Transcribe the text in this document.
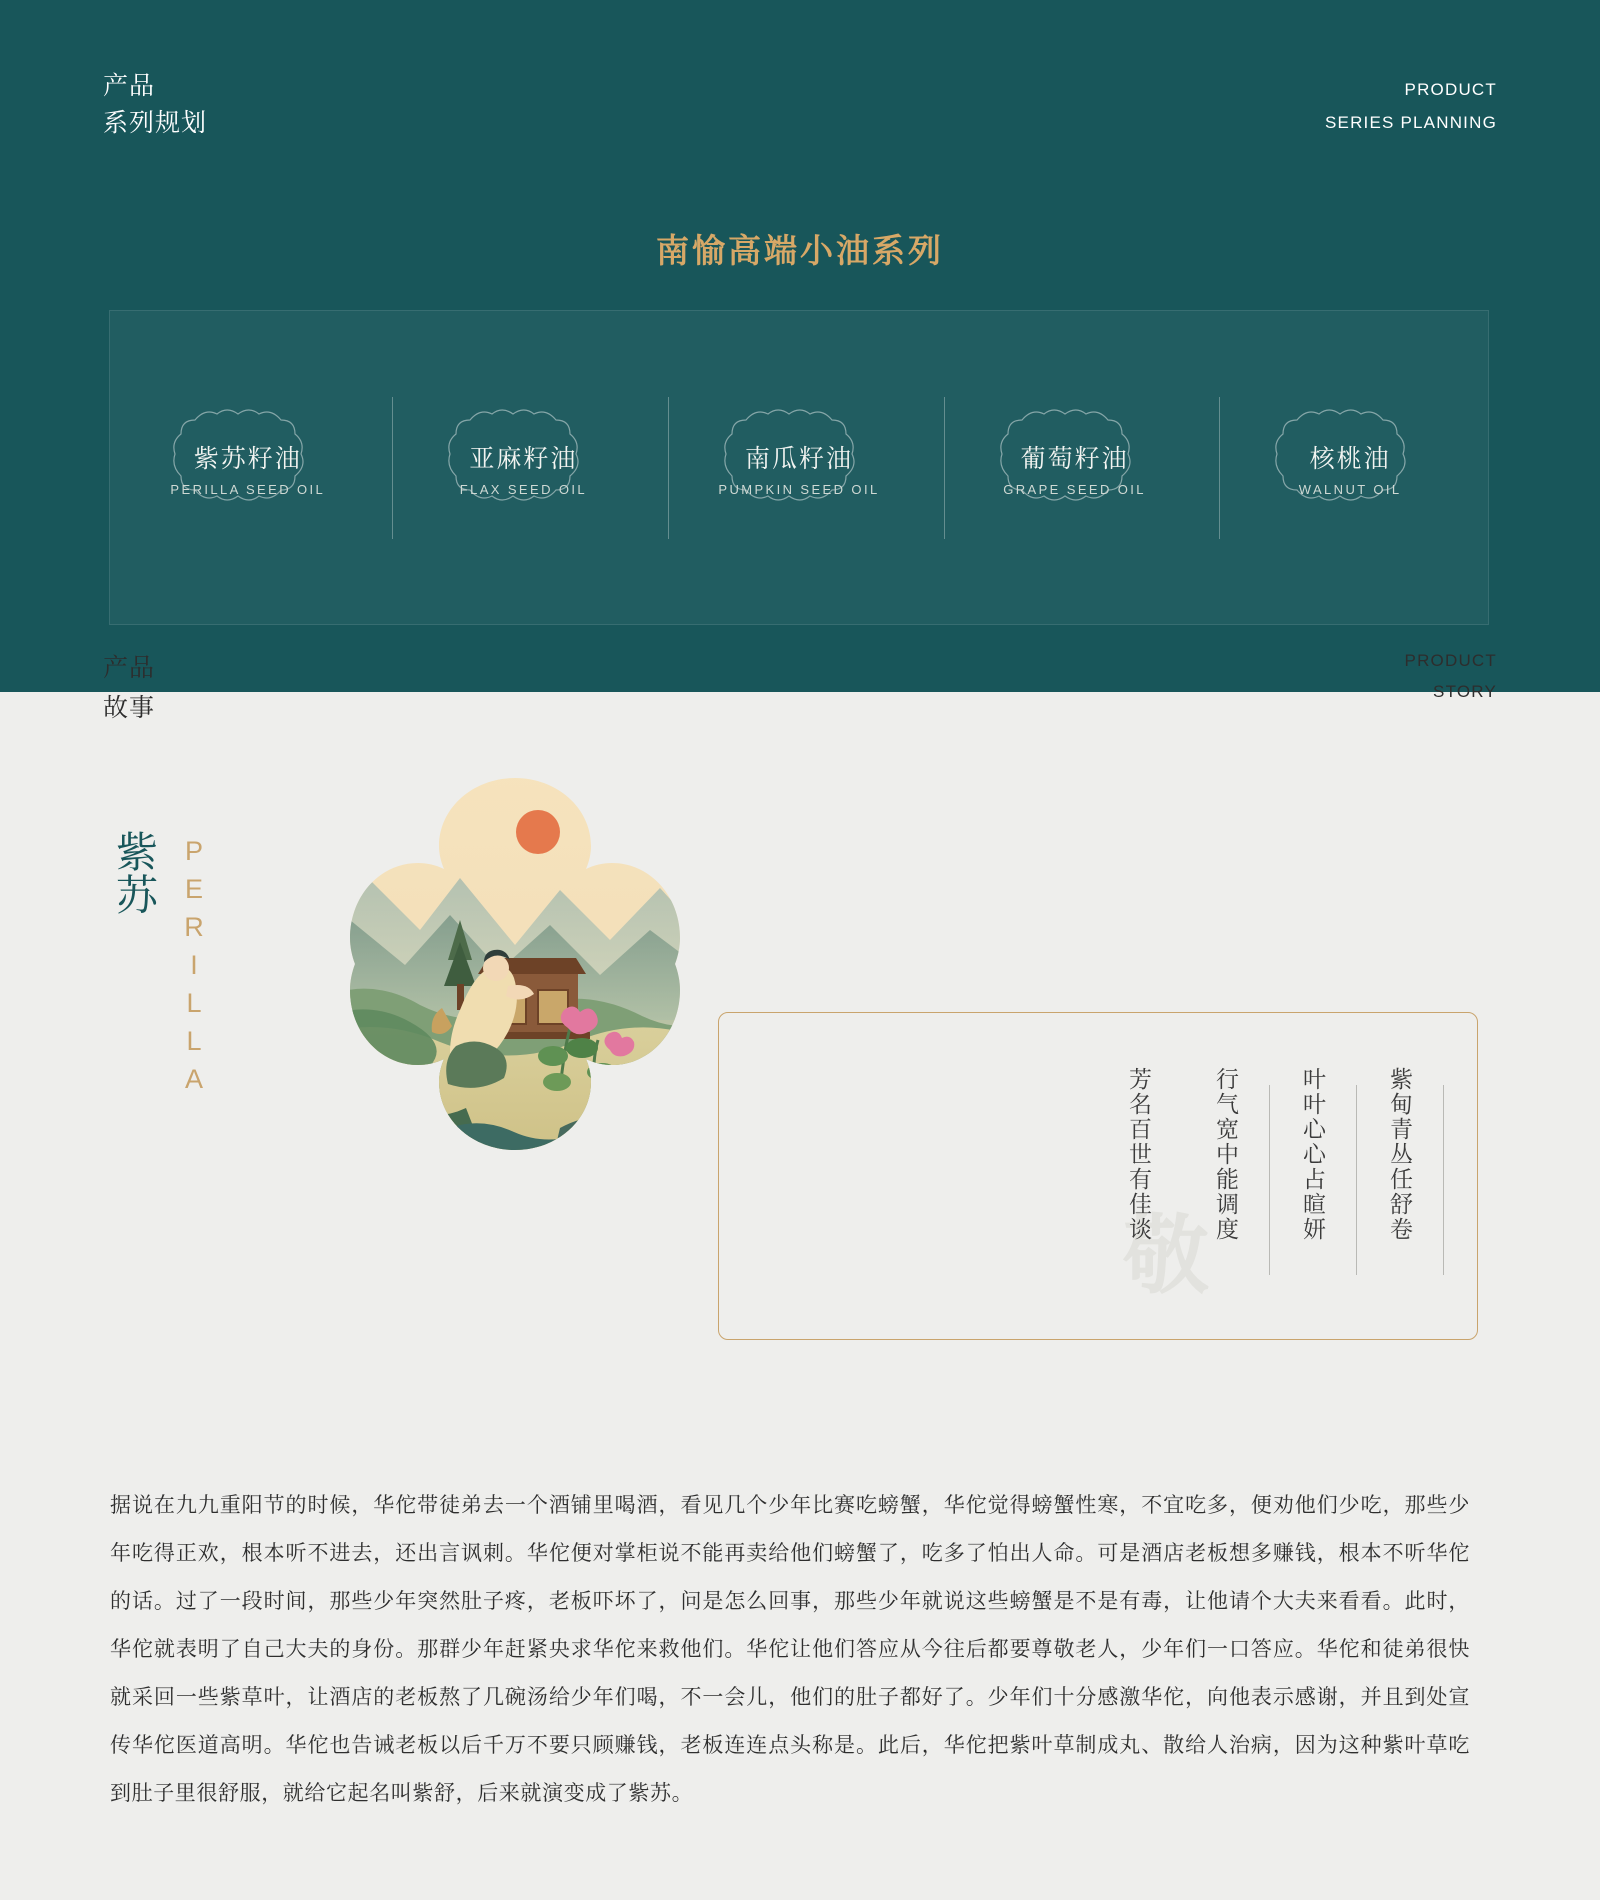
产品
系列规划
PRODUCT
SERIES PLANNING
南愉高端小油系列
紫苏籽油
PERILLA SEED OIL
亚麻籽油
FLAX SEED OIL
南瓜籽油
PUMPKIN SEED OIL
葡萄籽油
GRAPE SEED OIL
核桃油
WALNUT OIL
产品
故事
PRODUCT
STORY
紫苏 PERILLA
敬
芳名百世有佳谈	行气宽中能调度	叶叶心心占暄妍	紫甸青丛任舒卷

据说在九九重阳节的时候，华佗带徒弟去一个酒铺里喝酒，看见几个少年比赛吃螃蟹，华佗觉得螃蟹性寒，不宜吃多，便劝他们少吃，那些少年吃得正欢，根本听不进去，还出言讽刺。华佗便对掌柜说不能再卖给他们螃蟹了，吃多了怕出人命。可是酒店老板想多赚钱，根本不听华佗的话。过了一段时间，那些少年突然肚子疼，老板吓坏了，问是怎么回事，那些少年就说这些螃蟹是不是有毒，让他请个大夫来看看。此时，华佗就表明了自己大夫的身份。那群少年赶紧央求华佗来救他们。华佗让他们答应从今往后都要尊敬老人，少年们一口答应。华佗和徒弟很快就采回一些紫草叶，让酒店的老板熬了几碗汤给少年们喝，不一会儿，他们的肚子都好了。少年们十分感激华佗，向他表示感谢，并且到处宣传华佗医道高明。华佗也告诫老板以后千万不要只顾赚钱，老板连连点头称是。此后，华佗把紫叶草制成丸、散给人治病，因为这种紫叶草吃到肚子里很舒服，就给它起名叫紫舒，后来就演变成了紫苏。
